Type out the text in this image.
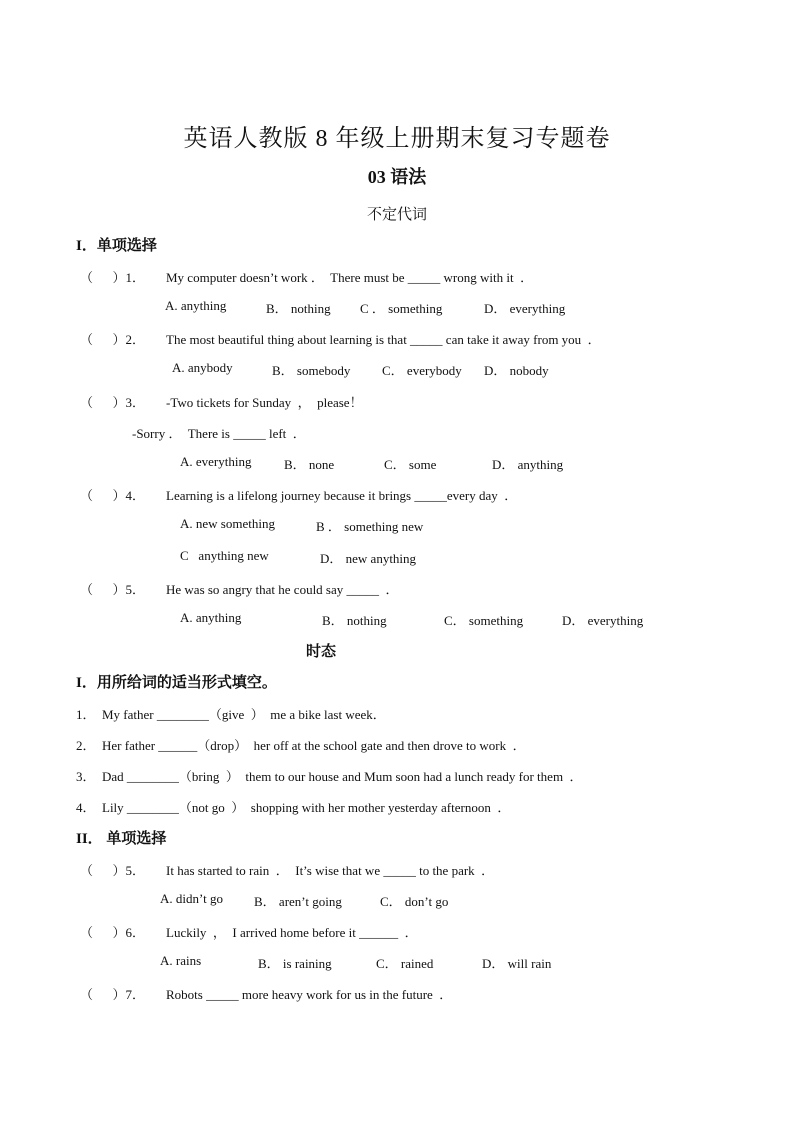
英语人教版 8 年级上册期末复习专题卷
03 语法
不定代词
I．单项选择
（      ）1． My computer doesn’t work ．  There must be _____ wrong with it  ．
A. anything	B． nothing C ． something	D． everything
（      ）2． The most beautiful thing about learning is that _____ can take it away from you  ．
A. anybody	B． somebody C． everybody D． nobody
（      ）3． -Two tickets for Sunday  ，  please！
-Sorry ．  There is _____ left  ．
A. everything	B． none	C． some	D． anything
（      ）4． Learning is a lifelong journey because it brings _____every day  ．
A. new something	B ． something new
C   anything new	D． new anything
（      ）5． He was so angry that he could say _____  ．
A. anything	B． nothing	C． something	D． everything
时态
I．用所给词的适当形式填空。
1．  My father ________（give  ）  me a bike last week．
2．  Her father ______（drop）  her off at the school gate and then drove to work  ．
3．  Dad ________（bring  ）  them to our house and Mum soon had a lunch ready for them  ．
4．  Lily ________（not go  ）  shopping with her mother yesterday afternoon  ．
II． 单项选择
（      ）5． It has started to rain  ．  It’s wise that we _____ to the park  ．
A. didn’t go B． aren’t going	C． don’t go
（      ）6． Luckily  ，  I arrived home before it ______  ．
A. rains	B． is raining	C． rained	D． will rain
（      ）7． Robots _____ more heavy work for us in the future  ．
